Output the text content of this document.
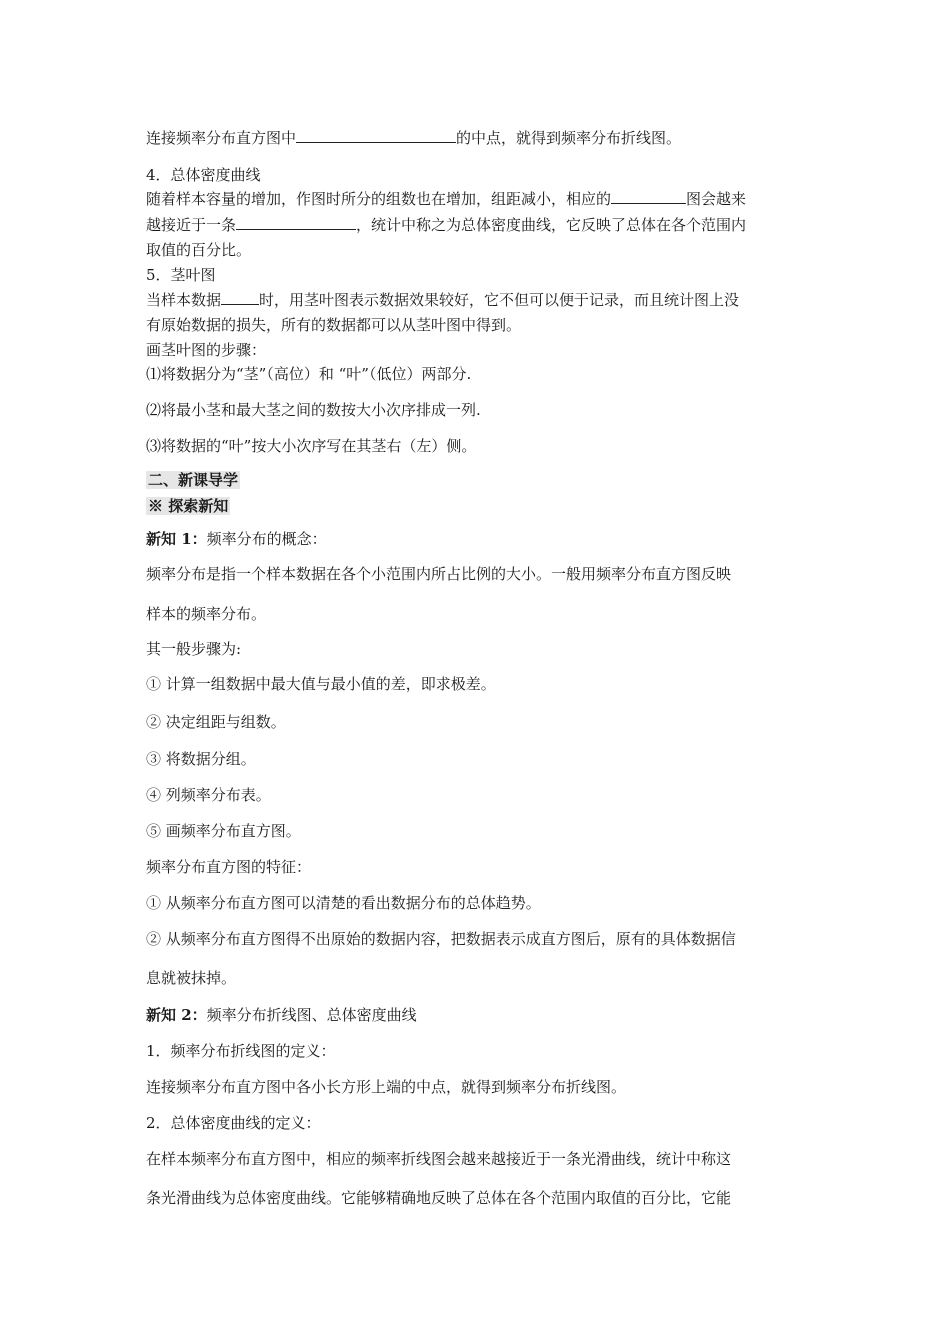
连接频率分布直方图中	的中点，就得到频率分布折线图。
4．总体密度曲线
随着样本容量的增加，作图时所分的组数也在增加，组距减小，相应的	图会越来
越接近于一条	，统计中称之为总体密度曲线，它反映了总体在各个范围内
取值的百分比。
5．茎叶图
当样本数据	时，用茎叶图表示数据效果较好，它不但可以便于记录，而且统计图上没
有原始数据的损失，所有的数据都可以从茎叶图中得到。
画茎叶图的步骤：
⑴将数据分为“茎”（高位）和 “叶”（低位）两部分.
⑵将最小茎和最大茎之间的数按大小次序排成一列.
⑶将数据的“叶”按大小次序写在其茎右（左）侧。
二、新课导学
※ 探索新知
新知 1：频率分布的概念：
频率分布是指一个样本数据在各个小范围内所占比例的大小。一般用频率分布直方图反映
样本的频率分布。
其一般步骤为:
① 计算一组数据中最大值与最小值的差，即求极差。
② 决定组距与组数。
③ 将数据分组。
④ 列频率分布表。
⑤ 画频率分布直方图。
频率分布直方图的特征：
① 从频率分布直方图可以清楚的看出数据分布的总体趋势。
② 从频率分布直方图得不出原始的数据内容，把数据表示成直方图后，原有的具体数据信
息就被抹掉。
新知 2：频率分布折线图、总体密度曲线
1．频率分布折线图的定义：
连接频率分布直方图中各小长方形上端的中点，就得到频率分布折线图。
2．总体密度曲线的定义：
在样本频率分布直方图中，相应的频率折线图会越来越接近于一条光滑曲线，统计中称这
条光滑曲线为总体密度曲线。它能够精确地反映了总体在各个范围内取值的百分比，它能
